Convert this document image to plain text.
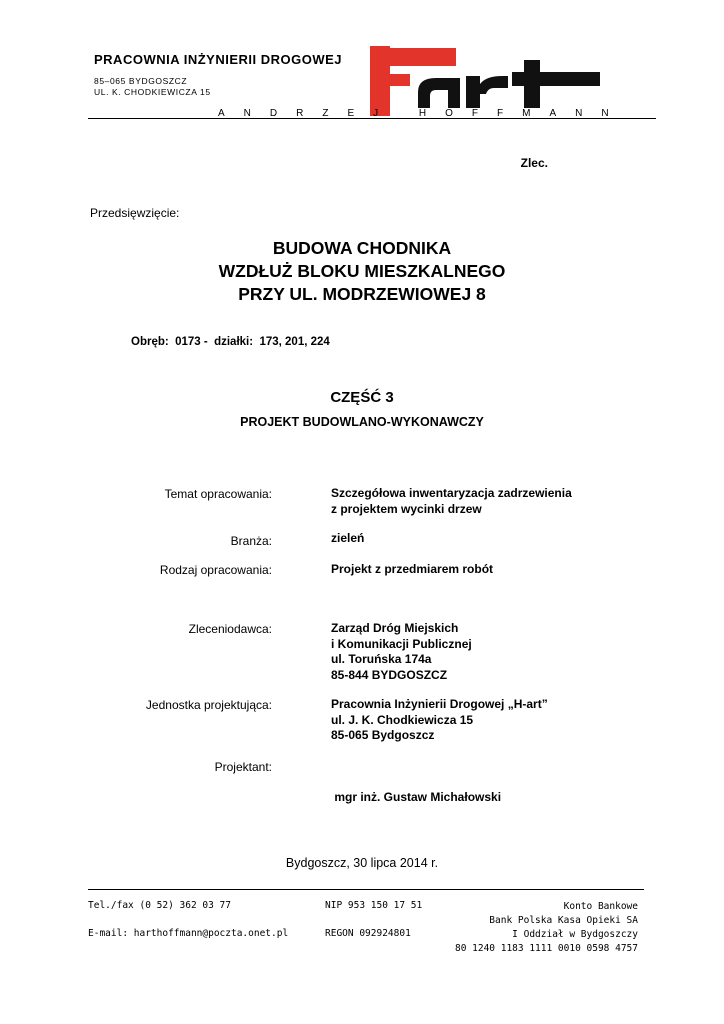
PRACOWNIA INŻYNIERII DROGOWEJ
85–065 BYDGOSZCZ
UL. K. CHODKIEWICZA 15
ANDRZEJ HOFFMANN
Zlec.
Przedsięwzięcie:
BUDOWA CHODNIKA
WZDŁUŻ BLOKU MIESZKALNEGO
PRZY UL. MODRZEWIOWEJ 8
Obręb:  0173 -  działki:  173, 201, 224
CZĘŚĆ 3
PROJEKT BUDOWLANO-WYKONAWCZY
Temat opracowania:	Szczegółowa inwentaryzacja zadrzewienia
z projektem wycinki drzew
Branża:	zieleń
Rodzaj opracowania:	Projekt z przedmiarem robót
Zleceniodawca:	Zarząd Dróg Miejskich
i Komunikacji Publicznej
ul. Toruńska 174a
85-844 BYDGOSZCZ
Jednostka projektująca:	Pracownia Inżynierii Drogowej „H-art”
ul. J. K. Chodkiewicza 15
85-065 Bydgoszcz
Projektant:

mgr inż. Gustaw Michałowski

Bydgoszcz, 30 lipca 2014 r.
Tel./fax (0 52) 362 03 77
E-mail: harthoffmann@poczta.onet.pl
NIP 953 150 17 51
REGON 092924801
Konto Bankowe
Bank Polska Kasa Opieki SA
I Oddział w Bydgoszczy
80 1240 1183 1111 0010 0598 4757
